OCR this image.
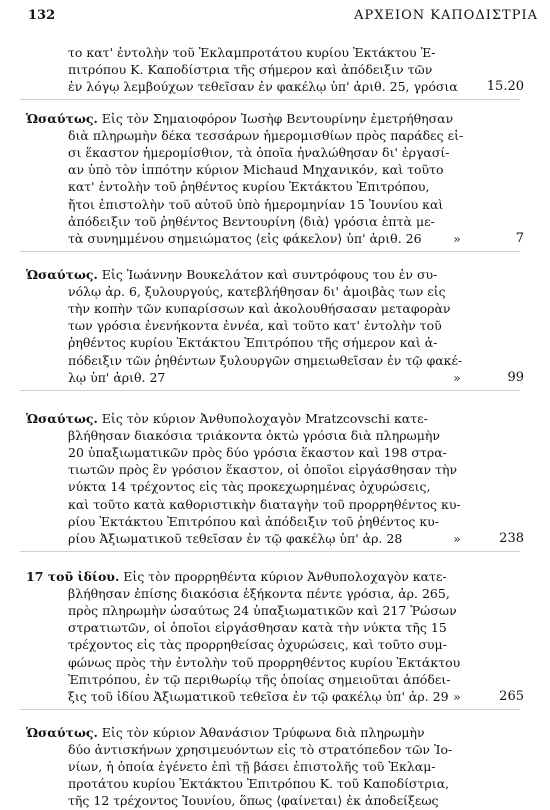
132	ΑΡΧΕΙΟΝ ΚΑΠΟΔΙΣΤΡΙΑ
το κατ' ἐντολὴν τοῦ Ἐκλαμπροτάτου κυρίου Ἐκτάκτου Ἐ-
πιτρόπου Κ. Καποδίστρια τῆς σήμερον καὶ ἀπόδειξιν τῶν
ἐν λόγῳ λεμβούχων τεθεῖσαν ἐν φακέλῳ ὑπ' ἀριθ. 25, γρόσια	15.20
Ὡσαύτως. Εἰς τὸν Σημαιοφόρον Ἰωσὴφ Βεντουρίνην ἐμετρήθησαν
διὰ πληρωμὴν δέκα τεσσάρων ἡμερομισθίων πρὸς παράδες εἰ-
σι ἕκαστον ἡμερομίσθιον, τὰ ὁποῖα ἠναλώθησαν δι' ἐργασί-
αν ὑπὸ τὸν ἱππότην κύριον Michaud Μηχανικόν, καὶ τοῦτο
κατ' ἐντολὴν τοῦ ῥηθέντος κυρίου Ἐκτάκτου Ἐπιτρόπου,
ἤτοι ἐπιστολὴν τοῦ αὐτοῦ ὑπὸ ἡμερομηνίαν 15 Ἰουνίου καὶ
ἀπόδειξιν τοῦ ῥηθέντος Βεντουρίνη ⟨διὰ⟩ γρόσια ἑπτὰ με-
τὰ συνημμένου σημειώματος ⟨εἰς φάκελον⟩ ὑπ' ἀριθ. 26	»	7
Ὡσαύτως. Εἰς Ἰωάννην Βουκελάτον καὶ συντρόφους του ἐν συ-
νόλῳ ἀρ. 6, ξυλουργούς, κατεβλήθησαν δι' ἀμοιβὰς των εἰς
τὴν κοπὴν τῶν κυπαρίσσων καὶ ἀκολουθήσασαν μεταφορὰν
των γρόσια ἐνενήκοντα ἐννέα, καὶ τοῦτο κατ' ἐντολὴν τοῦ
ῥηθέντος κυρίου Ἐκτάκτου Ἐπιτρόπου τῆς σήμερον καὶ ἀ-
πόδειξιν τῶν ῥηθέντων ξυλουργῶν σημειωθεῖσαν ἐν τῷ φακέ-
λῳ ὑπ' ἀριθ. 27	»	99
Ὡσαύτως. Εἰς τὸν κύριον Ἀνθυπολοχαγὸν Mratzcovschi κατε-
βλήθησαν διακόσια τριάκοντα ὀκτὼ γρόσια διὰ πληρωμὴν
20 ὑπαξιωματικῶν πρὸς δύο γρόσια ἕκαστον καὶ 198 στρα-
τιωτῶν πρὸς ἓν γρόσιον ἕκαστον, οἱ ὁποῖοι εἰργάσθησαν τὴν
νύκτα 14 τρέχοντος εἰς τὰς προκεχωρημένας ὀχυρώσεις,
καὶ τοῦτο κατὰ καθοριστικὴν διαταγὴν τοῦ προρρηθέντος κυ-
ρίου Ἐκτάκτου Ἐπιτρόπου καὶ ἀπόδειξιν τοῦ ῥηθέντος κυ-
ρίου Ἀξιωματικοῦ τεθεῖσαν ἐν τῷ φακέλῳ ὑπ' ἀρ. 28	»	238
17 τοῦ ἰδίου. Εἰς τὸν προρρηθέντα κύριον Ἀνθυπολοχαγὸν κατε-
βλήθησαν ἐπίσης διακόσια ἑξήκοντα πέντε γρόσια, ἀρ. 265,
πρὸς πληρωμὴν ὡσαύτως 24 ὑπαξιωματικῶν καὶ 217 Ῥώσων
στρατιωτῶν, οἱ ὁποῖοι εἰργάσθησαν κατὰ τὴν νύκτα τῆς 15
τρέχοντος εἰς τὰς προρρηθείσας ὀχυρώσεις, καὶ τοῦτο συμ-
φώνως πρὸς τὴν ἐντολὴν τοῦ προρρηθέντος κυρίου Ἐκτάκτου
Ἐπιτρόπου, ἐν τῷ περιθωρίῳ τῆς ὁποίας σημειοῦται ἀπόδει-
ξις τοῦ ἰδίου Ἀξιωματικοῦ τεθεῖσα ἐν τῷ φακέλῳ ὑπ' ἀρ. 29 »	265
Ὡσαύτως. Εἰς τὸν κύριον Ἀθανάσιον Τρύφωνα διὰ πληρωμὴν
δύο ἀντισκήνων χρησιμευόντων εἰς τὸ στρατόπεδον τῶν Ἰο-
νίων, ἡ ὁποία ἐγένετο ἐπὶ τῇ βάσει ἐπιστολῆς τοῦ Ἐκλαμ-
προτάτου κυρίου Ἐκτάκτου Ἐπιτρόπου Κ. τοῦ Καποδίστρια,
τῆς 12 τρέχοντος Ἰουνίου, ὅπως ⟨φαίνεται⟩ ἐκ ἀποδείξεως
